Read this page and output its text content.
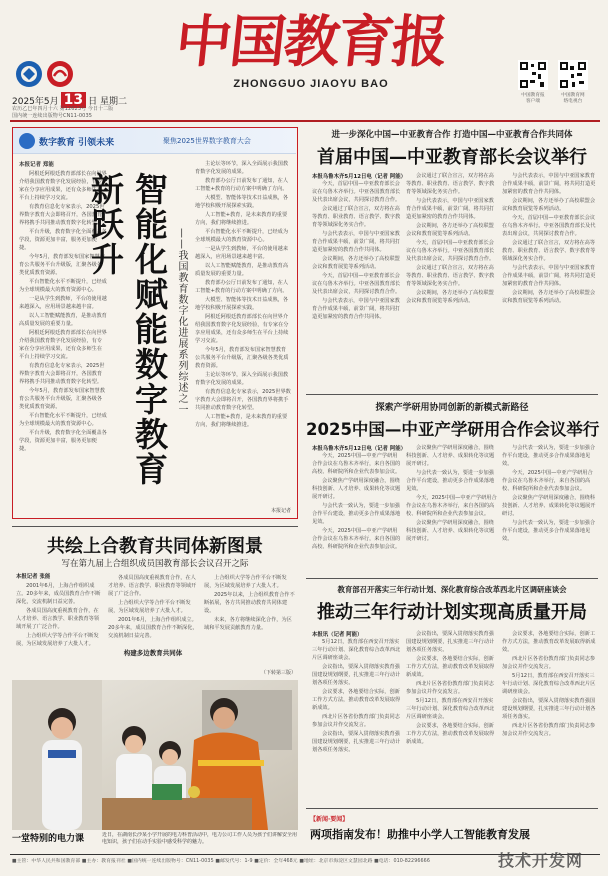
中国教育报
ZHONGGUO JIAOYU BAO
2025年5月 13 日 星期二
农历乙巳年四月十六 第12623号 今日十二版
国内统一连续出版物号CN11-0035
中国教育报
客户端
中国教育网
络电视台
数字教育 引领未来	聚焦2025世界数字教育大会
本报记者 郑能

阿根廷阿根廷教育部部长在向世界介绍我国教育数字化发展经验，有专家在分享应用成果，还有众多师生在平台上持续学习交流。

有教育信息化专家表示，2025世界数字教育大会即将召开，各国教育界将携手共同推动教育数字化转型。

平台升级，教育数字化全面覆盖各学段，资源更加丰富，服务更加便捷。

今年5月，教育部发布国家智慧教育公共服务平台升级版，汇聚各级各类优质教育资源。

平台智能化水平不断提升，已经成为全球规模最大的教育资源中心。

一是从学生到教师，平台的使用越来越深入，应用场景越来越丰富。

以人工智能赋能教育，是推动教育高质量发展的重要力量。

阿根廷阿根廷教育部部长在向世界介绍我国教育数字化发展经验，有专家在分享应用成果，还有众多师生在平台上持续学习交流。

有教育信息化专家表示，2025世界数字教育大会即将召开，各国教育界将携手共同推动教育数字化转型。

今年5月，教育部发布国家智慧教育公共服务平台升级版，汇聚各级各类优质教育资源。

平台智能化水平不断提升，已经成为全球规模最大的教育资源中心。

平台升级，教育数字化全面覆盖各学段，资源更加丰富，服务更加便捷。	智能化赋能数字教育新跃升
——我国教育数字化进展系列综述之一

主论坛等环节，深入全面展示我国教育数字化发展的成果。

教育部办公厅日前发布了通知，在人工智能+教育的行动方案中明确了方向。

大模型、智能体等技术日益成熟，各地学校积极开展探索实践。

人工智能+教育，是未来教育的重要方向，我们将继续推进。

平台智能化水平不断提升，已经成为全球规模最大的教育资源中心。

一是从学生到教师，平台的使用越来越深入，应用场景越来越丰富。

以人工智能赋能教育，是推动教育高质量发展的重要力量。

教育部办公厅日前发布了通知，在人工智能+教育的行动方案中明确了方向。

大模型、智能体等技术日益成熟，各地学校积极开展探索实践。

阿根廷阿根廷教育部部长在向世界介绍我国教育数字化发展经验，有专家在分享应用成果，还有众多师生在平台上持续学习交流。

今年5月，教育部发布国家智慧教育公共服务平台升级版，汇聚各级各类优质教育资源。

主论坛等环节，深入全面展示我国教育数字化发展的成果。

有教育信息化专家表示，2025世界数字教育大会即将召开，各国教育界将携手共同推动教育数字化转型。

人工智能+教育，是未来教育的重要方向，我们将继续推进。

本报记者
进一步深化中国—中亚教育合作 打造中国—中亚教育合作共同体
首届中国—中亚教育部长会议举行
本报乌鲁木齐5月12日电（记者 阿能）

今天，首届中国—中亚教育部长会议在乌鲁木齐举行。中亚各国教育部长及代表出席会议，共同探讨教育合作。

会议通过了联合宣言，双方将在高等教育、职业教育、语言教学、数字教育等领域深化务实合作。

与会代表表示，中国与中亚国家教育合作成果丰硕，前景广阔，将共同打造更加紧密的教育合作共同体。

会议期间，各方还举办了高校联盟会议和教育展览等系列活动。

今天，首届中国—中亚教育部长会议在乌鲁木齐举行。中亚各国教育部长及代表出席会议，共同探讨教育合作。

与会代表表示，中国与中亚国家教育合作成果丰硕，前景广阔，将共同打造更加紧密的教育合作共同体。

会议通过了联合宣言，双方将在高等教育、职业教育、语言教学、数字教育等领域深化务实合作。

与会代表表示，中国与中亚国家教育合作成果丰硕，前景广阔，将共同打造更加紧密的教育合作共同体。

会议期间，各方还举办了高校联盟会议和教育展览等系列活动。

今天，首届中国—中亚教育部长会议在乌鲁木齐举行。中亚各国教育部长及代表出席会议，共同探讨教育合作。

会议通过了联合宣言，双方将在高等教育、职业教育、语言教学、数字教育等领域深化务实合作。

会议期间，各方还举办了高校联盟会议和教育展览等系列活动。

与会代表表示，中国与中亚国家教育合作成果丰硕，前景广阔，将共同打造更加紧密的教育合作共同体。

会议期间，各方还举办了高校联盟会议和教育展览等系列活动。

今天，首届中国—中亚教育部长会议在乌鲁木齐举行。中亚各国教育部长及代表出席会议，共同探讨教育合作。

会议通过了联合宣言，双方将在高等教育、职业教育、语言教学、数字教育等领域深化务实合作。

与会代表表示，中国与中亚国家教育合作成果丰硕，前景广阔，将共同打造更加紧密的教育合作共同体。

会议期间，各方还举办了高校联盟会议和教育展览等系列活动。

探索产学研用协同创新的新模式新路径
2025中国—中亚产学研用合作会议举行
本报乌鲁木齐5月12日电（记者 阿能）

今天，2025中国—中亚产学研用合作会议在乌鲁木齐举行，来自各国的高校、科研院所和企业代表参加会议。

会议聚焦产学研用深度融合，围绕科技创新、人才培养、成果转化等议题展开研讨。

与会代表一致认为，要进一步加强合作平台建设，推动更多合作成果落地见效。

今天，2025中国—中亚产学研用合作会议在乌鲁木齐举行，来自各国的高校、科研院所和企业代表参加会议。

会议聚焦产学研用深度融合，围绕科技创新、人才培养、成果转化等议题展开研讨。

与会代表一致认为，要进一步加强合作平台建设，推动更多合作成果落地见效。

今天，2025中国—中亚产学研用合作会议在乌鲁木齐举行，来自各国的高校、科研院所和企业代表参加会议。

会议聚焦产学研用深度融合，围绕科技创新、人才培养、成果转化等议题展开研讨。

与会代表一致认为，要进一步加强合作平台建设，推动更多合作成果落地见效。

今天，2025中国—中亚产学研用合作会议在乌鲁木齐举行，来自各国的高校、科研院所和企业代表参加会议。

会议聚焦产学研用深度融合，围绕科技创新、人才培养、成果转化等议题展开研讨。

与会代表一致认为，要进一步加强合作平台建设，推动更多合作成果落地见效。

共绘上合教育共同体新图景
写在第九届上合组织成员国教育部长会议召开之际
本报记者 张能

2001年6月，上海合作组织成立。20多年来，成员国教育合作不断深化，交流机制日益完善。

各成员国高度重视教育合作，在人才培养、语言教学、职业教育等领域开展了广泛合作。

上合组织大学等合作平台不断发展，为区域发展培养了大批人才。

各成员国高度重视教育合作，在人才培养、语言教学、职业教育等领域开展了广泛合作。

上合组织大学等合作平台不断发展，为区域发展培养了大批人才。

2001年6月，上海合作组织成立。20多年来，成员国教育合作不断深化，交流机制日益完善。

构建多边教育共同体

上合组织大学等合作平台不断发展，为区域发展培养了大批人才。

2025年以来，上合组织教育合作不断拓展，各方共同推动教育共同体建设。

未来，各方将继续深化合作，为区域和平发展贡献教育力量。

（下转第三版）
一堂特别的电力课	近日，在湖南长沙某小学开展的电力科普活动中，电力公司工作人员为孩子们讲解安全用电知识，孩子们在动手实验中感受科学的魅力。
教育部召开落实三年行动计划、深化教育综合改革西北片区调研座谈会
推动三年行动计划实现高质量开局
本报讯（记者 阿能）

5月12日，教育部在西安召开落实三年行动计划、深化教育综合改革西北片区调研座谈会。

会议指出，要深入贯彻落实教育强国建设规划纲要，扎实推进三年行动计划各项任务落实。

会议要求，各地要结合实际，创新工作方式方法，推动教育改革发展取得新成效。

西北片区各省份教育部门负责同志参加会议并作交流发言。

会议指出，要深入贯彻落实教育强国建设规划纲要，扎实推进三年行动计划各项任务落实。

会议指出，要深入贯彻落实教育强国建设规划纲要，扎实推进三年行动计划各项任务落实。

会议要求，各地要结合实际，创新工作方式方法，推动教育改革发展取得新成效。

西北片区各省份教育部门负责同志参加会议并作交流发言。

5月12日，教育部在西安召开落实三年行动计划、深化教育综合改革西北片区调研座谈会。

会议要求，各地要结合实际，创新工作方式方法，推动教育改革发展取得新成效。

会议要求，各地要结合实际，创新工作方式方法，推动教育改革发展取得新成效。

西北片区各省份教育部门负责同志参加会议并作交流发言。

5月12日，教育部在西安召开落实三年行动计划、深化教育综合改革西北片区调研座谈会。

会议指出，要深入贯彻落实教育强国建设规划纲要，扎实推进三年行动计划各项任务落实。

西北片区各省份教育部门负责同志参加会议并作交流发言。

【新闻·要闻】
两项指南发布！助推中小学人工智能教育发展
■主管：中华人民共和国教育部 ■主办：教育报刊社 ■国内统一连续出版物号：CN11-0035 ■邮发代号：1-9 ■定价：全年468元 ■地址：北京市海淀区文慧园北路 ■电话：010-82296666	技术开发网
